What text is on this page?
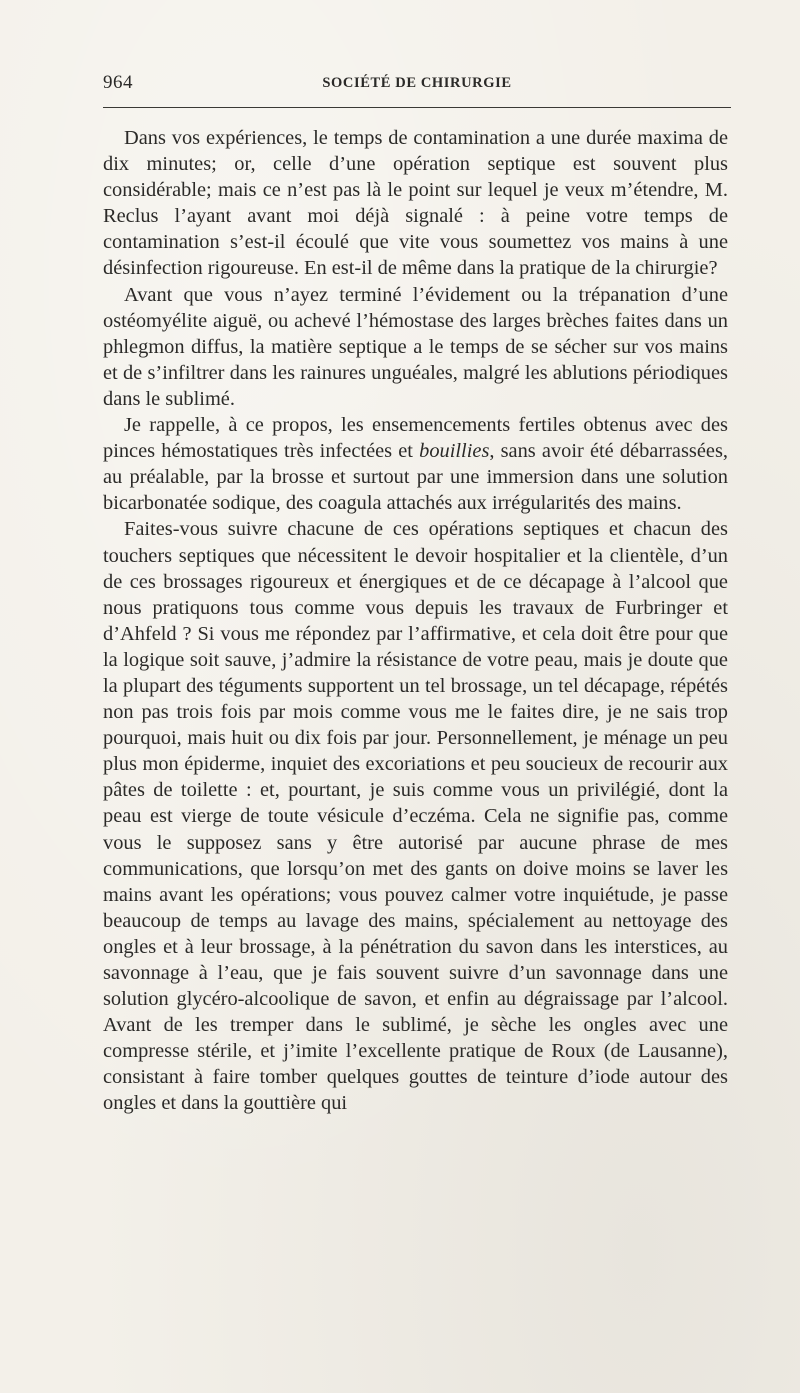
964	SOCIÉTÉ DE CHIRURGIE

Dans vos expériences, le temps de contamination a une durée maxima de dix minutes; or, celle d’une opération septique est souvent plus considérable; mais ce n’est pas là le point sur lequel je veux m’étendre, M. Reclus l’ayant avant moi déjà signalé : à peine votre temps de contamination s’est-il écoulé que vite vous soumettez vos mains à une désinfection rigoureuse. En est-il de même dans la pratique de la chirurgie?

Avant que vous n’ayez terminé l’évidement ou la trépanation d’une ostéomyélite aiguë, ou achevé l’hémostase des larges brèches faites dans un phlegmon diffus, la matière septique a le temps de se sécher sur vos mains et de s’infiltrer dans les rainures unguéales, malgré les ablutions périodiques dans le sublimé.

Je rappelle, à ce propos, les ensemencements fertiles obtenus avec des pinces hémostatiques très infectées et bouillies, sans avoir été débarrassées, au préalable, par la brosse et surtout par une immersion dans une solution bicarbonatée sodique, des coagula attachés aux irrégularités des mains.

Faites-vous suivre chacune de ces opérations septiques et chacun des touchers septiques que nécessitent le devoir hospitalier et la clientèle, d’un de ces brossages rigoureux et énergiques et de ce décapage à l’alcool que nous pratiquons tous comme vous depuis les travaux de Furbringer et d’Ahfeld ? Si vous me répondez par l’affirmative, et cela doit être pour que la logique soit sauve, j’admire la résistance de votre peau, mais je doute que la plupart des téguments supportent un tel brossage, un tel décapage, répétés non pas trois fois par mois comme vous me le faites dire, je ne sais trop pourquoi, mais huit ou dix fois par jour. Personnellement, je ménage un peu plus mon épiderme, inquiet des excoriations et peu soucieux de recourir aux pâtes de toilette : et, pourtant, je suis comme vous un privilégié, dont la peau est vierge de toute vésicule d’eczéma. Cela ne signifie pas, comme vous le supposez sans y être autorisé par aucune phrase de mes communications, que lorsqu’on met des gants on doive moins se laver les mains avant les opérations; vous pouvez calmer votre inquiétude, je passe beaucoup de temps au lavage des mains, spécialement au nettoyage des ongles et à leur brossage, à la pénétration du savon dans les interstices, au savonnage à l’eau, que je fais souvent suivre d’un savonnage dans une solution glycéro-alcoolique de savon, et enfin au dégraissage par l’alcool. Avant de les tremper dans le sublimé, je sèche les ongles avec une compresse stérile, et j’imite l’excellente pratique de Roux (de Lausanne), consistant à faire tomber quelques gouttes de teinture d’iode autour des ongles et dans la gouttière qui
